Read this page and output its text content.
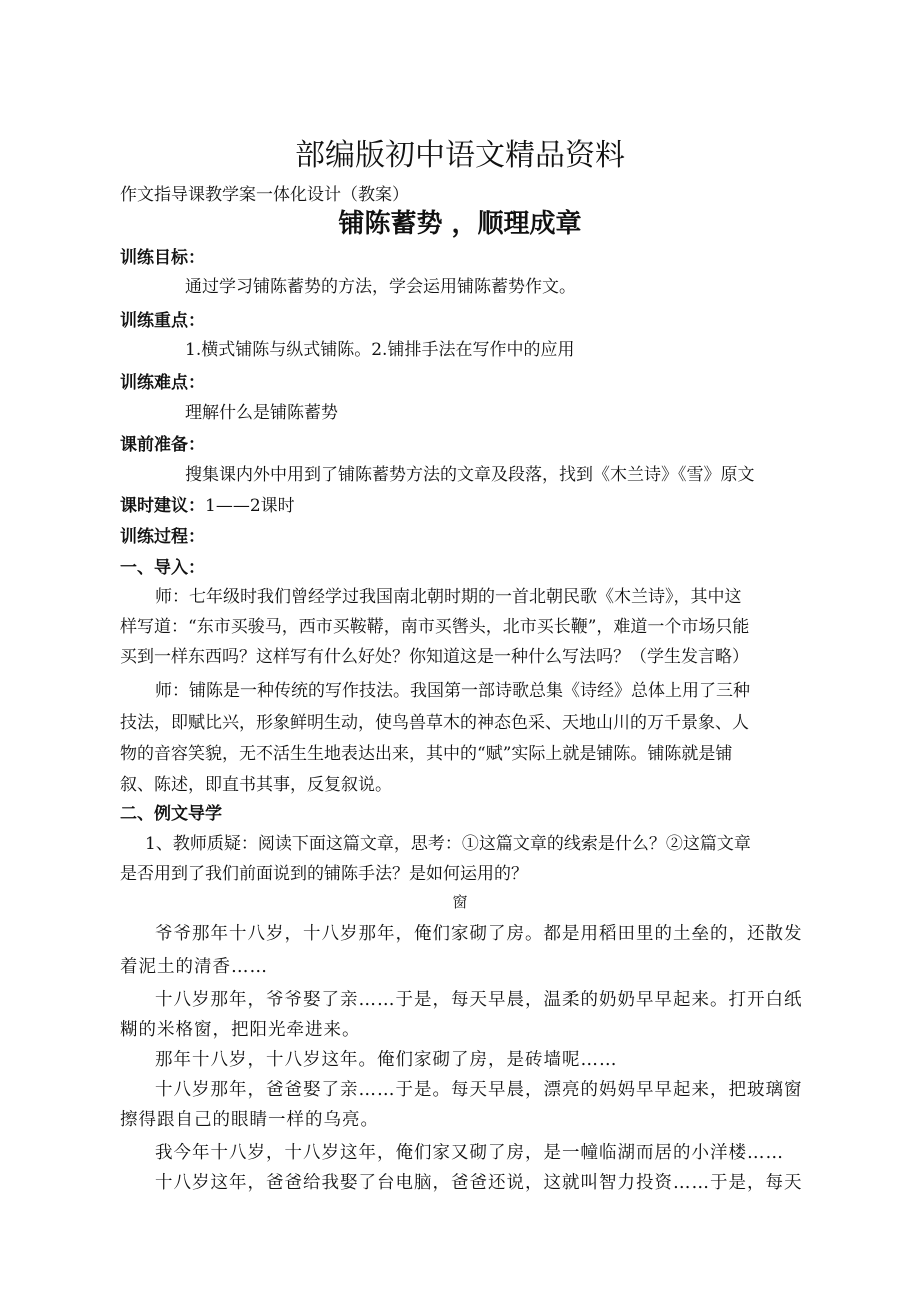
部编版初中语文精品资料
作文指导课教学案一体化设计（教案）
铺陈蓄势 ，顺理成章
训练目标：
通过学习铺陈蓄势的方法，学会运用铺陈蓄势作文。
训练重点：
1.横式铺陈与纵式铺陈。2.铺排手法在写作中的应用
训练难点：
理解什么是铺陈蓄势
课前准备：
搜集课内外中用到了铺陈蓄势方法的文章及段落，找到《木兰诗》《雪》原文
课时建议：1——2课时
训练过程：
一、导入：
师：七年级时我们曾经学过我国南北朝时期的一首北朝民歌《木兰诗》，其中这
样写道：“东市买骏马，西市买鞍鞯，南市买辔头，北市买长鞭”，难道一个市场只能
买到一样东西吗？这样写有什么好处？你知道这是一种什么写法吗？（学生发言略）
师：铺陈是一种传统的写作技法。我国第一部诗歌总集《诗经》总体上用了三种
技法，即赋比兴，形象鲜明生动，使鸟兽草木的神态色采、天地山川的万千景象、人
物的音容笑貌，无不活生生地表达出来，其中的“赋”实际上就是铺陈。铺陈就是铺
叙、陈述，即直书其事，反复叙说。
二、例文导学
1、教师质疑：阅读下面这篇文章，思考：①这篇文章的线索是什么？②这篇文章
是否用到了我们前面说到的铺陈手法？是如何运用的？
窗
爷爷那年十八岁，十八岁那年，俺们家砌了房。都是用稻田里的土垒的，还散发
着泥土的清香……
十八岁那年，爷爷娶了亲……于是，每天早晨，温柔的奶奶早早起来。打开白纸
糊的米格窗，把阳光牵进来。
那年十八岁，十八岁这年。俺们家砌了房，是砖墙呢……
十八岁那年，爸爸娶了亲……于是。每天早晨，漂亮的妈妈早早起来，把玻璃窗
擦得跟自己的眼睛一样的乌亮。
我今年十八岁，十八岁这年，俺们家又砌了房，是一幢临湖而居的小洋楼……
十八岁这年，爸爸给我娶了台电脑，爸爸还说，这就叫智力投资……于是，每天
